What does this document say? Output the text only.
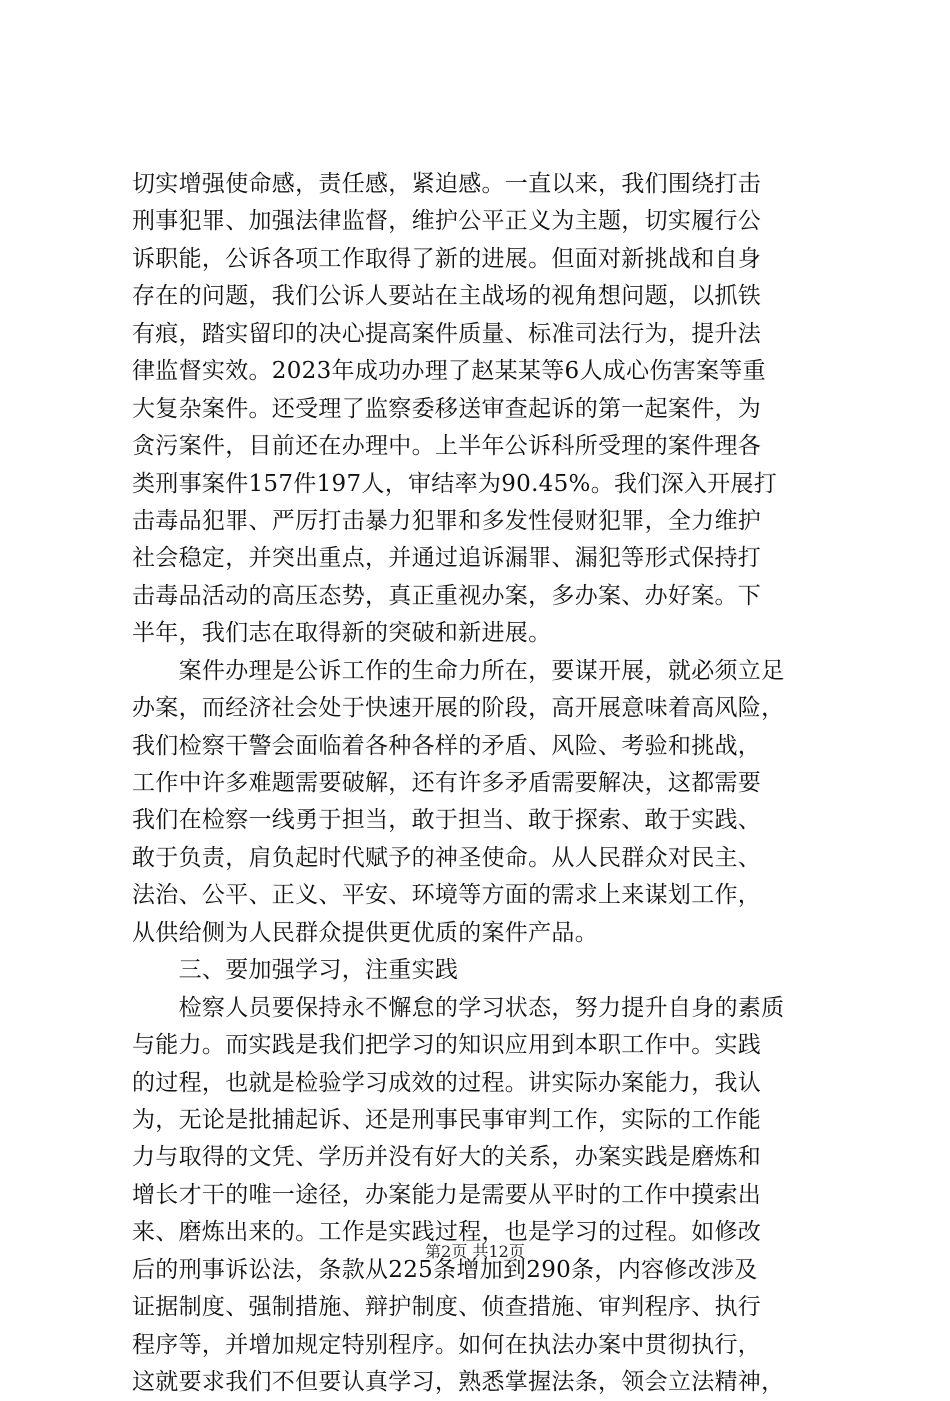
切实增强使命感，责任感，紧迫感。一直以来，我们围绕打击
刑事犯罪、加强法律监督，维护公平正义为主题，切实履行公
诉职能，公诉各项工作取得了新的进展。但面对新挑战和自身
存在的问题，我们公诉人要站在主战场的视角想问题，以抓铁
有痕，踏实留印的决心提高案件质量、标准司法行为，提升法
律监督实效。2023年成功办理了赵某某等6人成心伤害案等重
大复杂案件。还受理了监察委移送审查起诉的第一起案件，为
贪污案件，目前还在办理中。上半年公诉科所受理的案件理各
类刑事案件157件197人，审结率为90.45%。我们深入开展打
击毒品犯罪、严厉打击暴力犯罪和多发性侵财犯罪，全力维护
社会稳定，并突出重点，并通过追诉漏罪、漏犯等形式保持打
击毒品活动的高压态势，真正重视办案，多办案、办好案。下
半年，我们志在取得新的突破和新进展。
　　案件办理是公诉工作的生命力所在，要谋开展，就必须立足
办案，而经济社会处于快速开展的阶段，高开展意味着高风险，
我们检察干警会面临着各种各样的矛盾、风险、考验和挑战，
工作中许多难题需要破解，还有许多矛盾需要解决，这都需要
我们在检察一线勇于担当，敢于担当、敢于探索、敢于实践、
敢于负责，肩负起时代赋予的神圣使命。从人民群众对民主、
法治、公平、正义、平安、环境等方面的需求上来谋划工作，
从供给侧为人民群众提供更优质的案件产品。
　　三、要加强学习，注重实践
　　检察人员要保持永不懈怠的学习状态，努力提升自身的素质
与能力。而实践是我们把学习的知识应用到本职工作中。实践
的过程，也就是检验学习成效的过程。讲实际办案能力，我认
为，无论是批捕起诉、还是刑事民事审判工作，实际的工作能
力与取得的文凭、学历并没有好大的关系，办案实践是磨炼和
增长才干的唯一途径，办案能力是需要从平时的工作中摸索出
来、磨炼出来的。工作是实践过程，也是学习的过程。如修改
后的刑事诉讼法，条款从225条增加到290条，内容修改涉及
证据制度、强制措施、辩护制度、侦查措施、审判程序、执行
程序等，并增加规定特别程序。如何在执法办案中贯彻执行，
这就要求我们不但要认真学习，熟悉掌握法条，领会立法精神，
第2页 共12页
